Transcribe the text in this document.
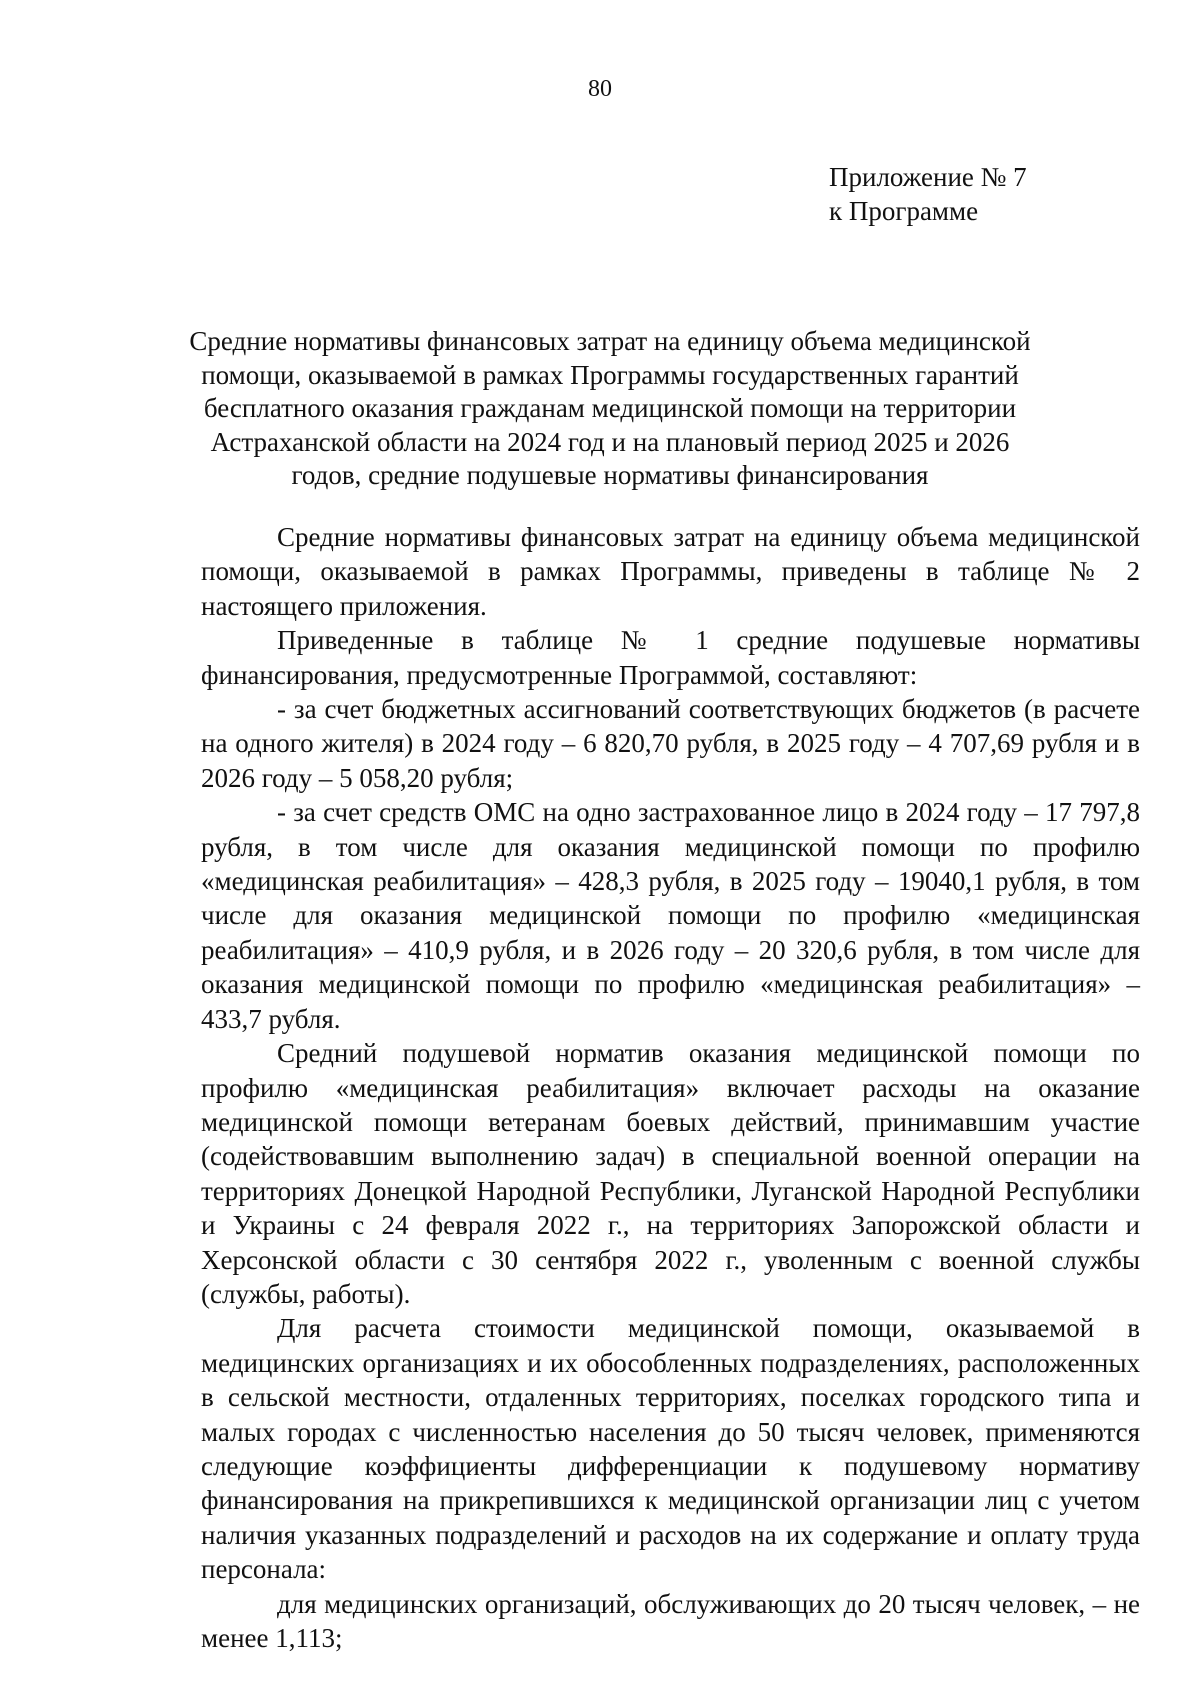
80
Приложение № 7
к Программе
Средние нормативы финансовых затрат на единицу объема медицинской помощи, оказываемой в рамках Программы государственных гарантий бесплатного оказания гражданам медицинской помощи на территории Астраханской области на 2024 год и на плановый период 2025 и 2026 годов, средние подушевые нормативы финансирования

Средние нормативы финансовых затрат на единицу объема медицинской помощи, оказываемой в рамках Программы, приведены в таблице № 2 настоящего приложения.

Приведенные в таблице № 1 средние подушевые нормативы финансирования, предусмотренные Программой, составляют:

- за счет бюджетных ассигнований соответствующих бюджетов (в расчете на одного жителя) в 2024 году – 6 820,70 рубля, в 2025 году – 4 707,69 рубля и в 2026 году – 5 058,20 рубля;

- за счет средств ОМС на одно застрахованное лицо в 2024 году – 17 797,8 рубля, в том числе для оказания медицинской помощи по профилю «медицинская реабилитация» – 428,3 рубля, в 2025 году – 19040,1 рубля, в том числе для оказания медицинской помощи по профилю «медицинская реабилитация» – 410,9 рубля, и в 2026 году – 20 320,6 рубля, в том числе для оказания медицинской помощи по профилю «медицинская реабилитация» – 433,7 рубля.

Средний подушевой норматив оказания медицинской помощи по профилю «медицинская реабилитация» включает расходы на оказание медицинской помощи ветеранам боевых действий, принимавшим участие (содействовавшим выполнению задач) в специальной военной операции на территориях Донецкой Народной Республики, Луганской Народной Республики и Украины с 24 февраля 2022 г., на территориях Запорожской области и Херсонской области с 30 сентября 2022 г., уволенным с военной службы (службы, работы).

Для расчета стоимости медицинской помощи, оказываемой в медицинских организациях и их обособленных подразделениях, расположенных в сельской местности, отдаленных территориях, поселках городского типа и малых городах с численностью населения до 50 тысяч человек, применяются следующие коэффициенты дифференциации к подушевому нормативу финансирования на прикрепившихся к медицинской организации лиц с учетом наличия указанных подразделений и расходов на их содержание и оплату труда персонала:

для медицинских организаций, обслуживающих до 20 тысяч человек, – не менее 1,113;
